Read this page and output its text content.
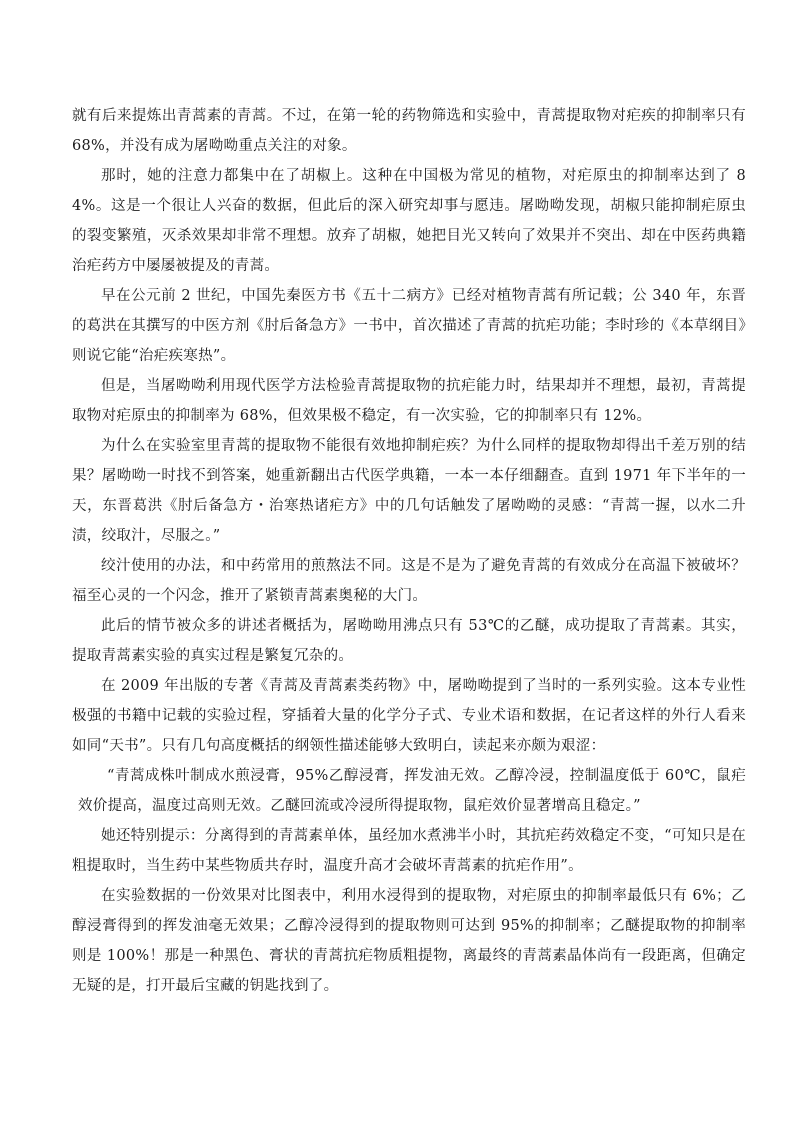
就有后来提炼出青蒿素的青蒿。不过，在第一轮的药物筛选和实验中，青蒿提取物对疟疾的抑制率只有 68%，并没有成为屠呦呦重点关注的对象。

那时，她的注意力都集中在了胡椒上。这种在中国极为常见的植物，对疟原虫的抑制率达到了 84%。这是一个很让人兴奋的数据，但此后的深入研究却事与愿违。屠呦呦发现，胡椒只能抑制疟原虫的裂变繁殖，灭杀效果却非常不理想。放弃了胡椒，她把目光又转向了效果并不突出、却在中医药典籍治疟药方中屡屡被提及的青蒿。

早在公元前 2 世纪，中国先秦医方书《五十二病方》已经对植物青蒿有所记载；公 340 年，东晋的葛洪在其撰写的中医方剂《肘后备急方》一书中，首次描述了青蒿的抗疟功能；李时珍的《本草纲目》则说它能“治疟疾寒热”。

但是，当屠呦呦利用现代医学方法检验青蒿提取物的抗疟能力时，结果却并不理想，最初，青蒿提取物对疟原虫的抑制率为 68%，但效果极不稳定，有一次实验，它的抑制率只有 12%。

为什么在实验室里青蒿的提取物不能很有效地抑制疟疾？为什么同样的提取物却得出千差万别的结果？屠呦呦一时找不到答案，她重新翻出古代医学典籍，一本一本仔细翻查。直到 1971 年下半年的一天，东晋葛洪《肘后备急方・治寒热诸疟方》中的几句话触发了屠呦呦的灵感：“青蒿一握，以水二升渍，绞取汁，尽服之。”

绞汁使用的办法，和中药常用的煎熬法不同。这是不是为了避免青蒿的有效成分在高温下被破坏？福至心灵的一个闪念，推开了紧锁青蒿素奥秘的大门。

此后的情节被众多的讲述者概括为，屠呦呦用沸点只有 53℃的乙醚，成功提取了青蒿素。其实，提取青蒿素实验的真实过程是繁复冗杂的。

在 2009 年出版的专著《青蒿及青蒿素类药物》中，屠呦呦提到了当时的一系列实验。这本专业性极强的书籍中记载的实验过程，穿插着大量的化学分子式、专业术语和数据，在记者这样的外行人看来如同“天书”。只有几句高度概括的纲领性描述能够大致明白，读起来亦颇为艰涩：

“青蒿成株叶制成水煎浸膏，95%乙醇浸膏，挥发油无效。乙醇冷浸，控制温度低于 60℃，鼠疟效价提高，温度过高则无效。乙醚回流或冷浸所得提取物，鼠疟效价显著增高且稳定。”

她还特别提示：分离得到的青蒿素单体，虽经加水煮沸半小时，其抗疟药效稳定不变，“可知只是在粗提取时，当生药中某些物质共存时，温度升高才会破坏青蒿素的抗疟作用”。

在实验数据的一份效果对比图表中，利用水浸得到的提取物，对疟原虫的抑制率最低只有 6%；乙醇浸膏得到的挥发油毫无效果；乙醇冷浸得到的提取物则可达到 95%的抑制率；乙醚提取物的抑制率则是 100%！那是一种黑色、膏状的青蒿抗疟物质粗提物，离最终的青蒿素晶体尚有一段距离，但确定无疑的是，打开最后宝藏的钥匙找到了。
